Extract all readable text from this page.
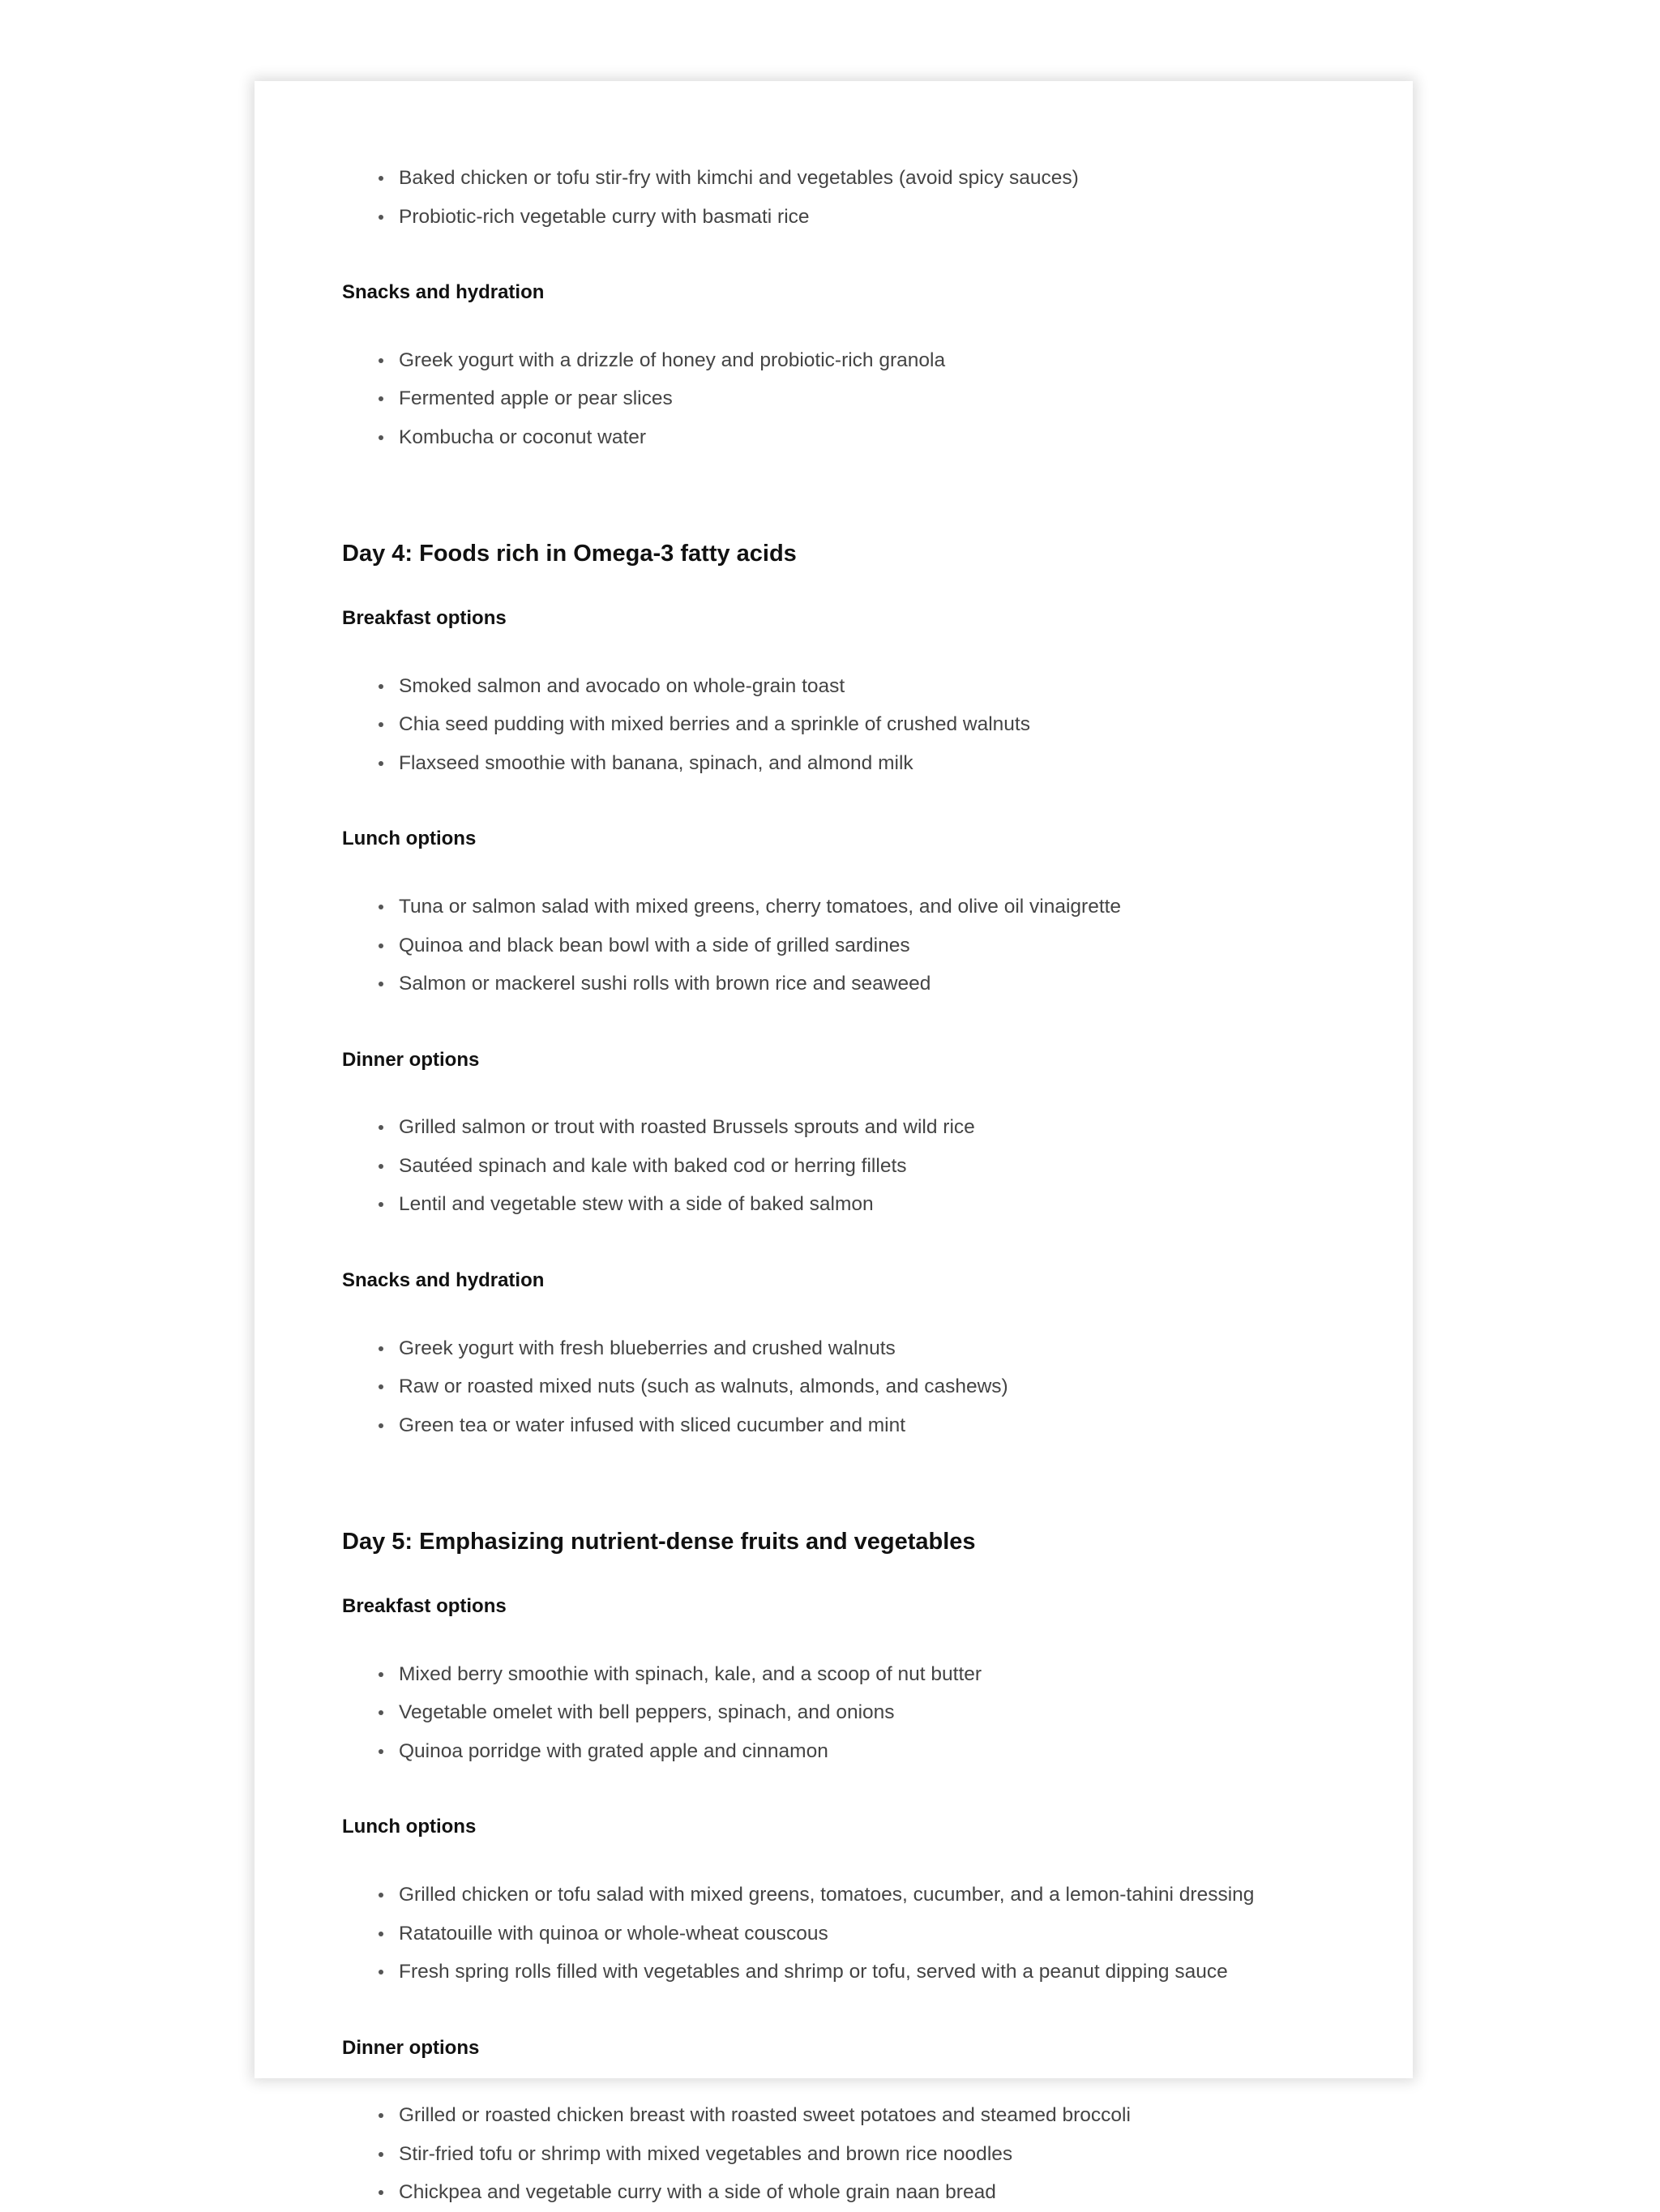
Baked chicken or tofu stir-fry with kimchi and vegetables (avoid spicy sauces)
Probiotic-rich vegetable curry with basmati rice
Snacks and hydration
Greek yogurt with a drizzle of honey and probiotic-rich granola
Fermented apple or pear slices
Kombucha or coconut water
Day 4: Foods rich in Omega-3 fatty acids
Breakfast options
Smoked salmon and avocado on whole-grain toast
Chia seed pudding with mixed berries and a sprinkle of crushed walnuts
Flaxseed smoothie with banana, spinach, and almond milk
Lunch options
Tuna or salmon salad with mixed greens, cherry tomatoes, and olive oil vinaigrette
Quinoa and black bean bowl with a side of grilled sardines
Salmon or mackerel sushi rolls with brown rice and seaweed
Dinner options
Grilled salmon or trout with roasted Brussels sprouts and wild rice
Sautéed spinach and kale with baked cod or herring fillets
Lentil and vegetable stew with a side of baked salmon
Snacks and hydration
Greek yogurt with fresh blueberries and crushed walnuts
Raw or roasted mixed nuts (such as walnuts, almonds, and cashews)
Green tea or water infused with sliced cucumber and mint
Day 5: Emphasizing nutrient-dense fruits and vegetables
Breakfast options
Mixed berry smoothie with spinach, kale, and a scoop of nut butter
Vegetable omelet with bell peppers, spinach, and onions
Quinoa porridge with grated apple and cinnamon
Lunch options
Grilled chicken or tofu salad with mixed greens, tomatoes, cucumber, and a lemon-tahini dressing
Ratatouille with quinoa or whole-wheat couscous
Fresh spring rolls filled with vegetables and shrimp or tofu, served with a peanut dipping sauce
Dinner options
Grilled or roasted chicken breast with roasted sweet potatoes and steamed broccoli
Stir-fried tofu or shrimp with mixed vegetables and brown rice noodles
Chickpea and vegetable curry with a side of whole grain naan bread
